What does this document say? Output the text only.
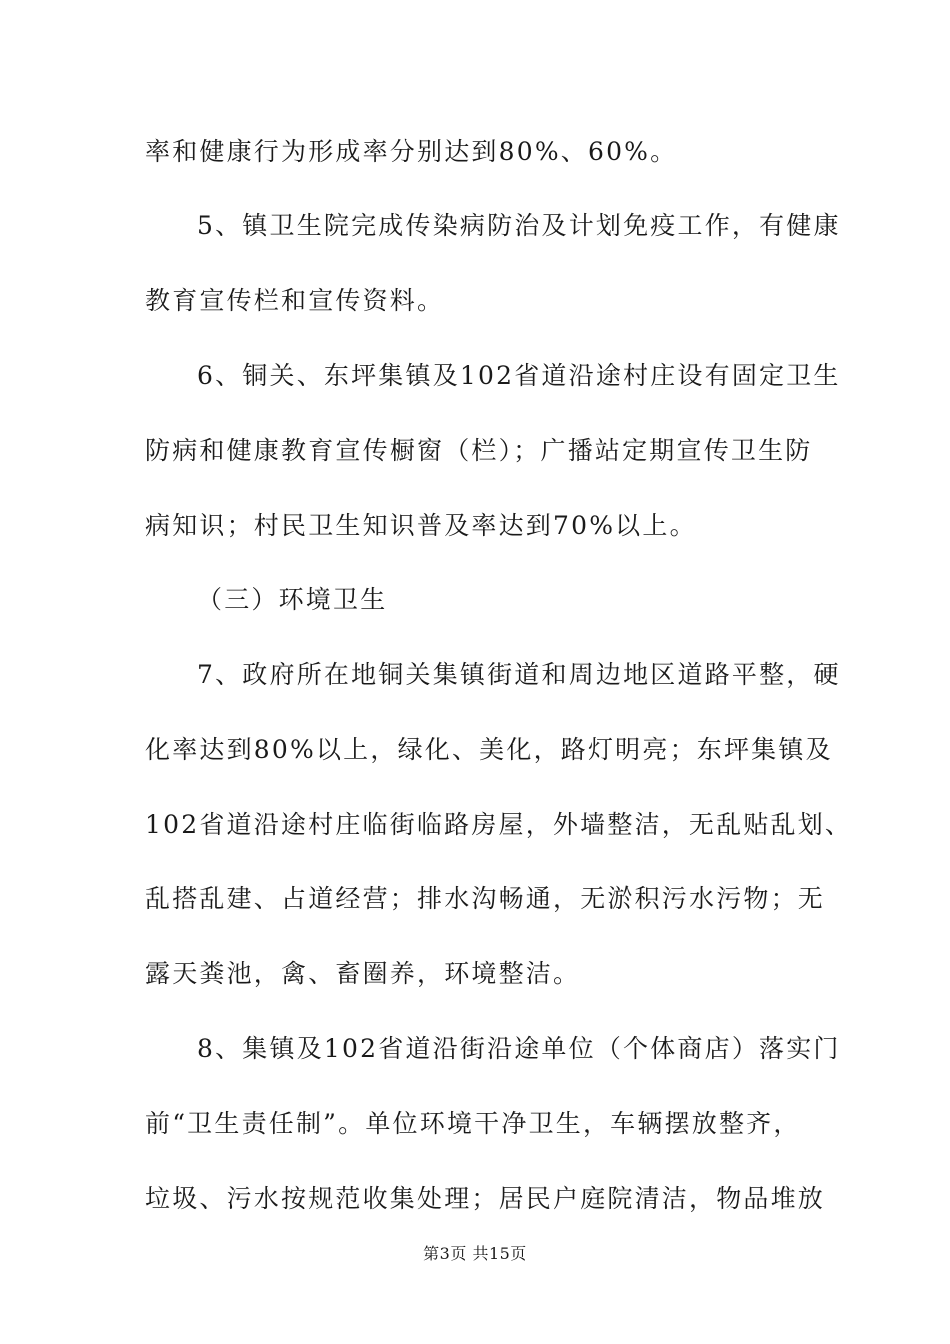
率和健康行为形成率分别达到80%、60%。
5、镇卫生院完成传染病防治及计划免疫工作，有健康
教育宣传栏和宣传资料。
6、铜关、东坪集镇及102省道沿途村庄设有固定卫生
防病和健康教育宣传橱窗（栏）；广播站定期宣传卫生防
病知识；村民卫生知识普及率达到70%以上。
（三）环境卫生
7、政府所在地铜关集镇街道和周边地区道路平整，硬
化率达到80%以上，绿化、美化，路灯明亮；东坪集镇及
102省道沿途村庄临街临路房屋，外墙整洁，无乱贴乱划、
乱搭乱建、占道经营；排水沟畅通，无淤积污水污物；无
露天粪池，禽、畜圈养，环境整洁。
8、集镇及102省道沿街沿途单位（个体商店）落实门
前“卫生责任制”。单位环境干净卫生，车辆摆放整齐，
垃圾、污水按规范收集处理；居民户庭院清洁，物品堆放
第3页 共15页
